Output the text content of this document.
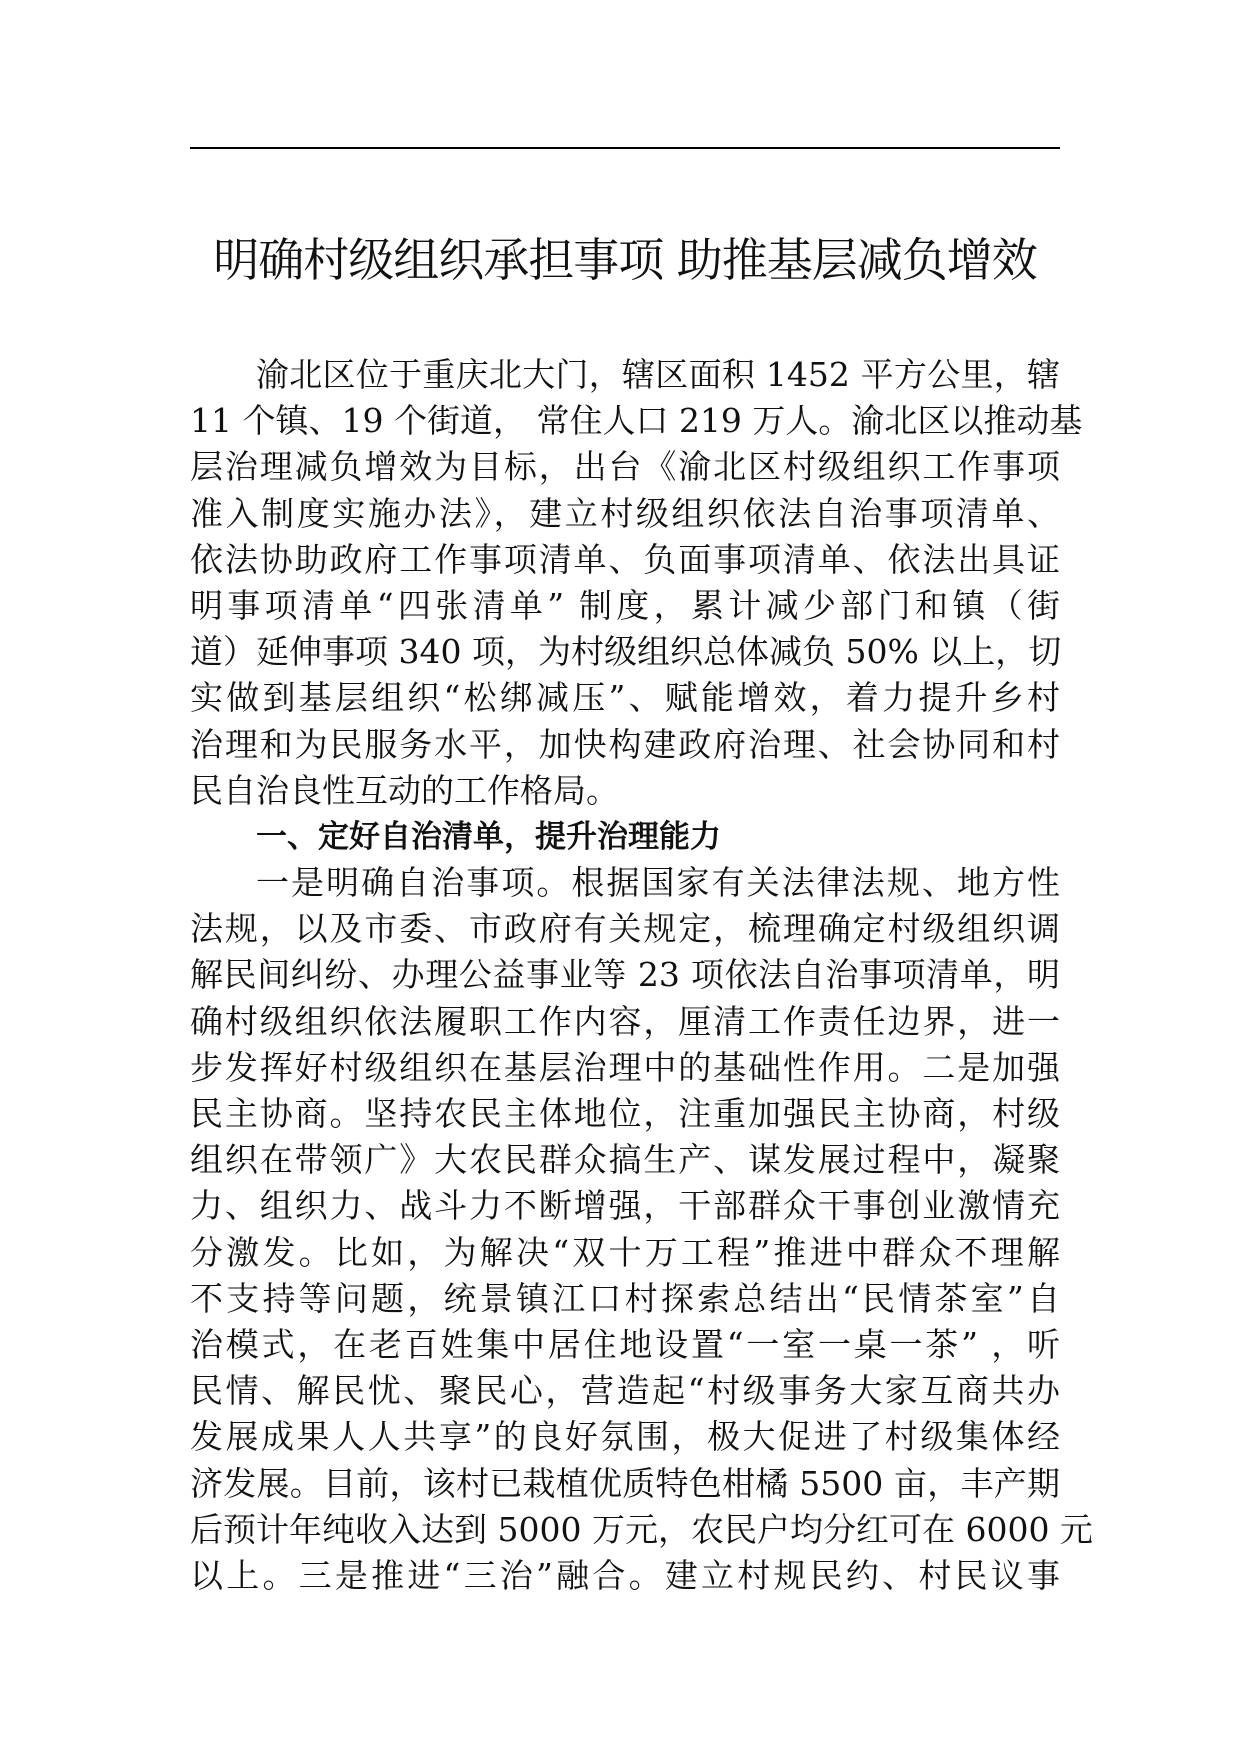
明确村级组织承担事项 助推基层减负增效
渝北区位于重庆北大门，辖区面积 1452 平方公里，辖
11 个镇、19 个街道， 常住人口 219 万人。渝北区以推动基
层治理减负增效为目标，出台《渝北区村级组织工作事项
准入制度实施办法》，建立村级组织依法自治事项清单、
依法协助政府工作事项清单、负面事项清单、依法出具证
明事项清单“四张清单” 制度，累计减少部门和镇（街
道）延伸事项 340 项，为村级组织总体减负 50% 以上，切
实做到基层组织“松绑减压”、赋能增效，着力提升乡村
治理和为民服务水平，加快构建政府治理、社会协同和村
民自治良性互动的工作格局。
一、定好自治清单，提升治理能力
一是明确自治事项。根据国家有关法律法规、地方性
法规，以及市委、市政府有关规定，梳理确定村级组织调
解民间纠纷、办理公益事业等 23 项依法自治事项清单，明
确村级组织依法履职工作内容，厘清工作责任边界，进一
步发挥好村级组织在基层治理中的基础性作用。二是加强
民主协商。坚持农民主体地位，注重加强民主协商，村级
组织在带领广》大农民群众搞生产、谋发展过程中，凝聚
力、组织力、战斗力不断增强，干部群众干事创业激情充
分激发。比如，为解决“双十万工程”推进中群众不理解
不支持等问题，统景镇江口村探索总结出“民情茶室”自
治模式，在老百姓集中居住地设置“一室一桌一茶” ，听
民情、解民忧、聚民心，营造起“村级事务大家互商共办
发展成果人人共享”的良好氛围，极大促进了村级集体经
济发展。目前，该村已栽植优质特色柑橘 5500 亩，丰产期
后预计年纯收入达到 5000 万元，农民户均分红可在 6000 元
以上。三是推进“三治”融合。建立村规民约、村民议事
